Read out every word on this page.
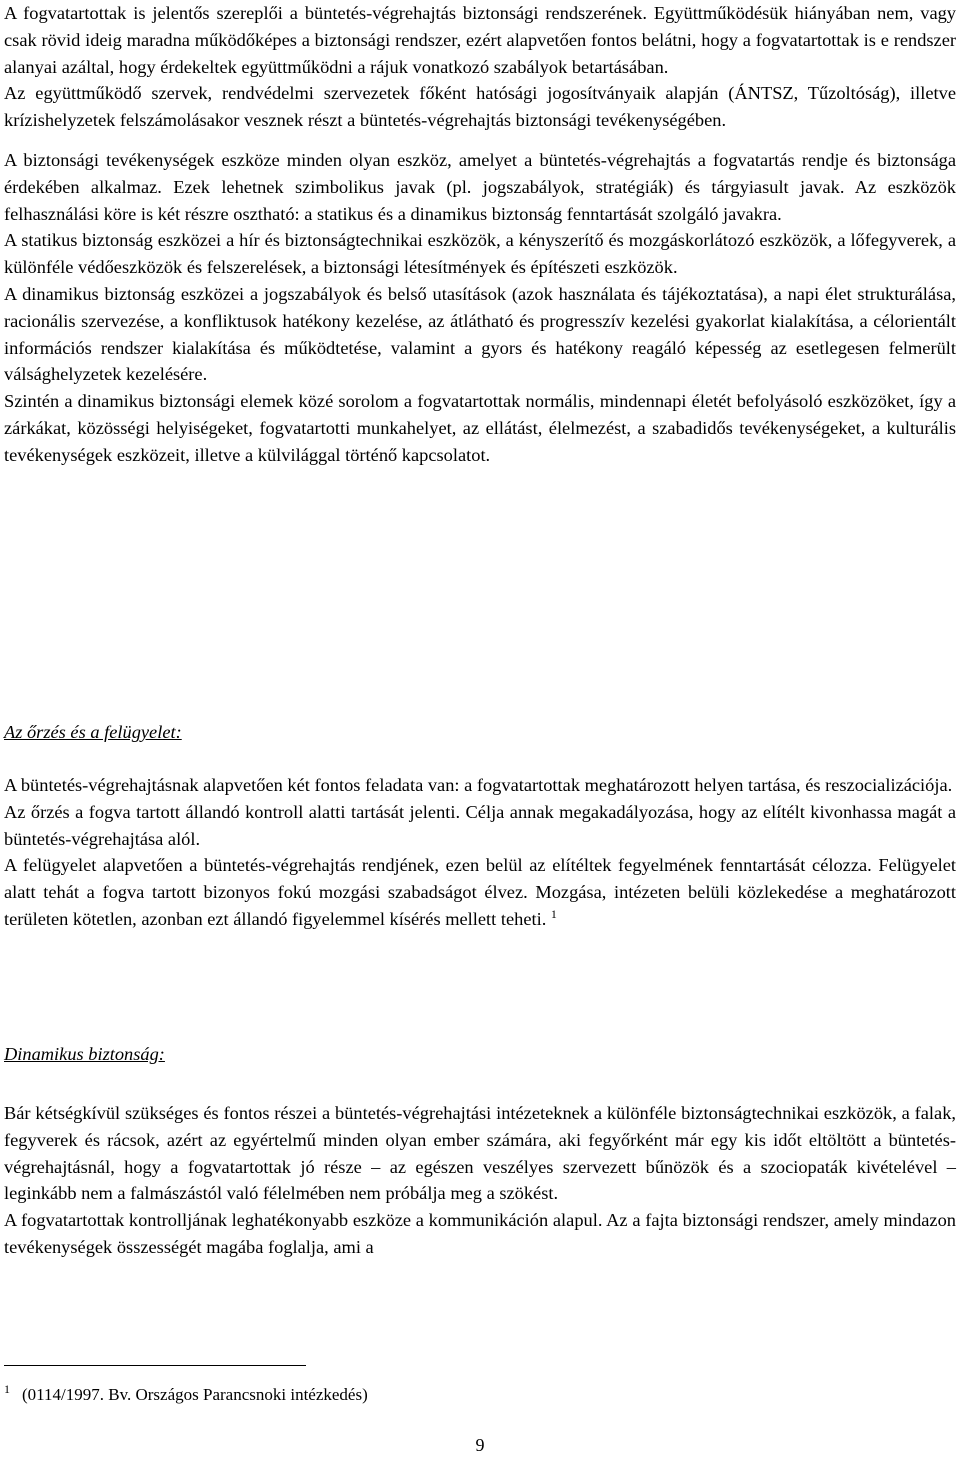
A fogvatartottak is jelentős szereplői a büntetés-végrehajtás biztonsági rendszerének. Együttműködésük hiányában nem, vagy csak rövid ideig maradna működőképes a biztonsági rendszer, ezért alapvetően fontos belátni, hogy a fogvatartottak is e rendszer alanyai azáltal, hogy érdekeltek együttműködni a rájuk vonatkozó szabályok betartásában.

Az együttműködő szervek, rendvédelmi szervezetek főként hatósági jogosítványaik alapján (ÁNTSZ, Tűzoltóság), illetve krízishelyzetek felszámolásakor vesznek részt a büntetés-végrehajtás biztonsági tevékenységében.

A biztonsági tevékenységek eszköze minden olyan eszköz, amelyet a büntetés-végrehajtás a fogvatartás rendje és biztonsága érdekében alkalmaz. Ezek lehetnek szimbolikus javak (pl. jogszabályok, stratégiák) és tárgyiasult javak. Az eszközök felhasználási köre is két részre osztható: a statikus és a dinamikus biztonság fenntartását szolgáló javakra.

A statikus biztonság eszközei a hír és biztonságtechnikai eszközök, a kényszerítő és mozgáskorlátozó eszközök, a lőfegyverek, a különféle védőeszközök és felszerelések, a biztonsági létesítmények és építészeti eszközök.

A dinamikus biztonság eszközei a jogszabályok és belső utasítások (azok használata és tájékoztatása), a napi élet strukturálása, racionális szervezése, a konfliktusok hatékony kezelése, az átlátható és progresszív kezelési gyakorlat kialakítása, a célorientált információs rendszer kialakítása és működtetése, valamint a gyors és hatékony reagáló képesség az esetlegesen felmerült válsághelyzetek kezelésére.

Szintén a dinamikus biztonsági elemek közé sorolom a fogvatartottak normális, mindennapi életét befolyásoló eszközöket, így a zárkákat, közösségi helyiségeket, fogvatartotti munkahelyet, az ellátást, élelmezést, a szabadidős tevékenységeket, a kulturális tevékenységek eszközeit, illetve a külvilággal történő kapcsolatot.

Az őrzés és a felügyelet:

A büntetés-végrehajtásnak alapvetően két fontos feladata van: a fogvatartottak meghatározott helyen tartása, és reszocializációja.

Az őrzés a fogva tartott állandó kontroll alatti tartását jelenti. Célja annak megakadályozása, hogy az elítélt kivonhassa magát a büntetés-végrehajtása alól.

A felügyelet alapvetően a büntetés-végrehajtás rendjének, ezen belül az elítéltek fegyelmének fenntartását célozza. Felügyelet alatt tehát a fogva tartott bizonyos fokú mozgási szabadságot élvez. Mozgása, intézeten belüli közlekedése a meghatározott területen kötetlen, azonban ezt állandó figyelemmel kísérés mellett teheti. $^1$

Dinamikus biztonság:

Bár kétségkívül szükséges és fontos részei a büntetés-végrehajtási intézeteknek a különféle biztonságtechnikai eszközök, a falak, fegyverek és rácsok, azért az egyértelmű minden olyan ember számára, aki fegyőrként már egy kis időt eltöltött a büntetés-végrehajtásnál, hogy a fogvatartottak jó része – az egészen veszélyes szervezett bűnözök és a szociopaták kivételével – leginkább nem a falmászástól való félelmében nem próbálja meg a szökést.

A fogvatartottak kontrolljának leghatékonyabb eszköze a kommunikáción alapul. Az a fajta biztonsági rendszer, amely mindazon tevékenységek összességét magába foglalja, ami a

$^1$ (0114/1997. Bv. Országos Parancsnoki intézkedés)
9
